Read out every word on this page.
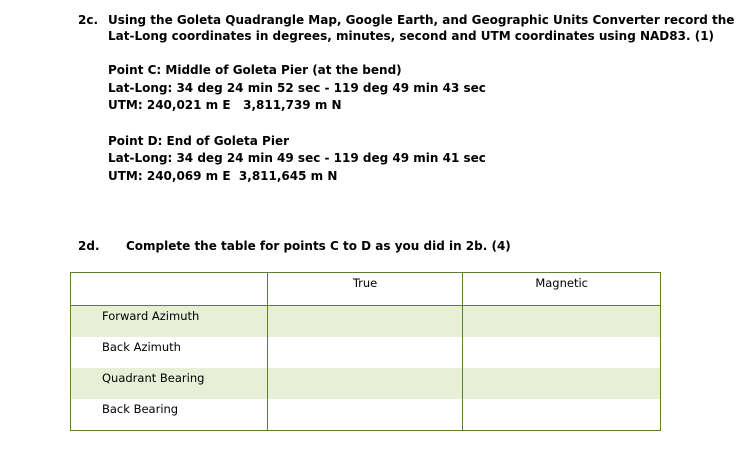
2c. Using the Goleta Quadrangle Map, Google Earth, and Geographic Units Converter record the
Lat-Long coordinates in degrees, minutes, second and UTM coordinates using NAD83. (1)
Point C: Middle of Goleta Pier (at the bend)
Lat-Long: 34 deg 24 min 52 sec - 119 deg 49 min 43 sec
UTM: 240,021 m E   3,811,739 m N
Point D: End of Goleta Pier
Lat-Long: 34 deg 24 min 49 sec - 119 deg 49 min 41 sec
UTM: 240,069 m E  3,811,645 m N
2d. Complete the table for points C to D as you did in 2b. (4)
	True	Magnetic
Forward Azimuth		
Back Azimuth		
Quadrant Bearing		
Back Bearing		
